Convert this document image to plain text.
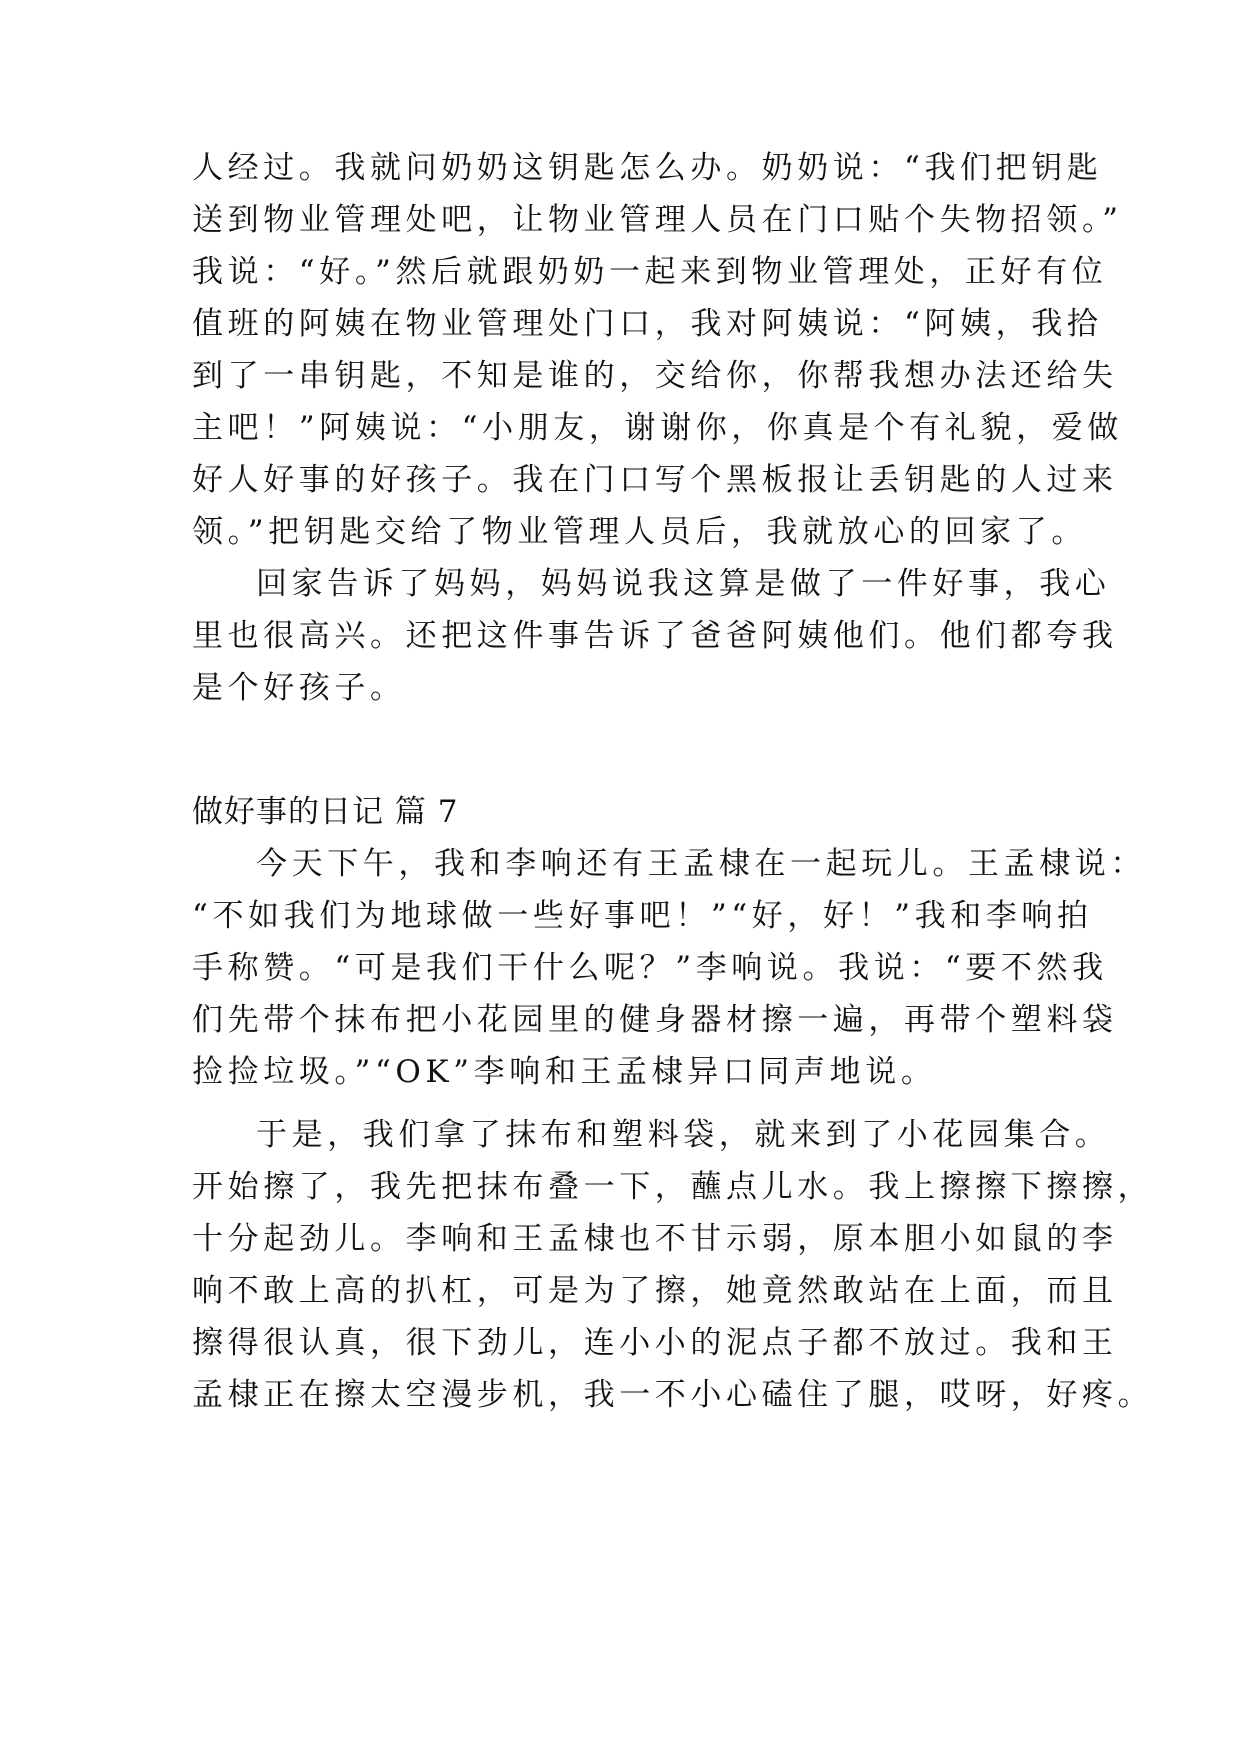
人经过。我就问奶奶这钥匙怎么办。奶奶说：“我们把钥匙
送到物业管理处吧，让物业管理人员在门口贴个失物招领。”
我说：“好。”然后就跟奶奶一起来到物业管理处，正好有位
值班的阿姨在物业管理处门口，我对阿姨说：“阿姨，我拾
到了一串钥匙，不知是谁的，交给你，你帮我想办法还给失
主吧！”阿姨说：“小朋友，谢谢你，你真是个有礼貌，爱做
好人好事的好孩子。我在门口写个黑板报让丢钥匙的人过来
领。”把钥匙交给了物业管理人员后，我就放心的回家了。
回家告诉了妈妈，妈妈说我这算是做了一件好事，我心
里也很高兴。还把这件事告诉了爸爸阿姨他们。他们都夸我
是个好孩子。
做好事的日记 篇 7
今天下午，我和李响还有王孟棣在一起玩儿。王孟棣说：
“不如我们为地球做一些好事吧！”“好，好！”我和李响拍
手称赞。“可是我们干什么呢？”李响说。我说：“要不然我
们先带个抹布把小花园里的健身器材擦一遍，再带个塑料袋
捡捡垃圾。”“OK”李响和王孟棣异口同声地说。
于是，我们拿了抹布和塑料袋，就来到了小花园集合。
开始擦了，我先把抹布叠一下，蘸点儿水。我上擦擦下擦擦，
十分起劲儿。李响和王孟棣也不甘示弱，原本胆小如鼠的李
响不敢上高的扒杠，可是为了擦，她竟然敢站在上面，而且
擦得很认真，很下劲儿，连小小的泥点子都不放过。我和王
孟棣正在擦太空漫步机，我一不小心磕住了腿，哎呀，好疼。
